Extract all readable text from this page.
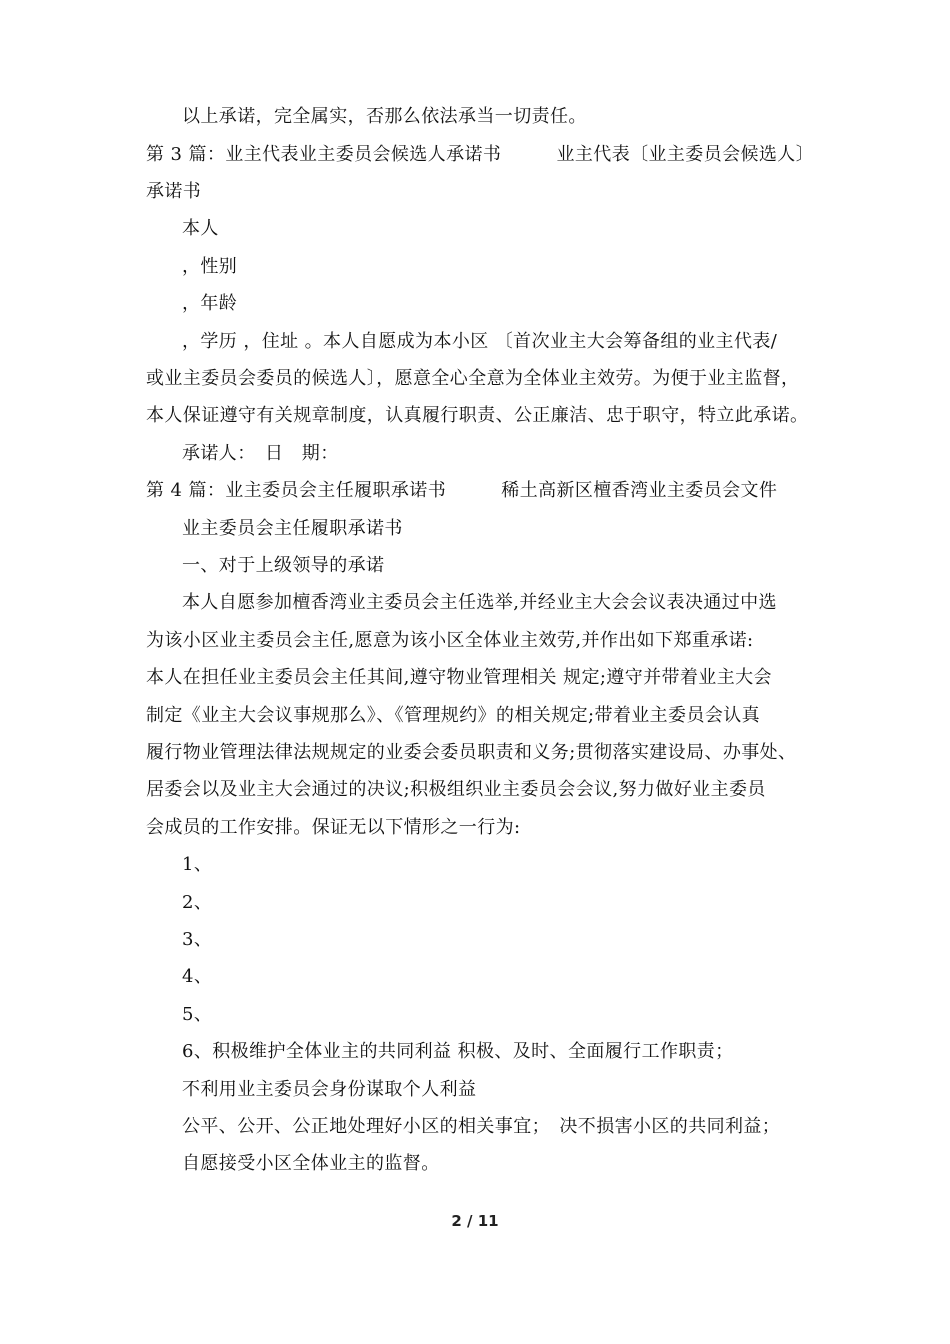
以上承诺，完全属实，否那么依法承当一切责任。
第 3 篇：业主代表业主委员会候选人承诺书　　　业主代表〔业主委员会候选人〕
承诺书
本人
，性别
，年龄
，学历 ，住址 。本人自愿成为本小区 〔首次业主大会筹备组的业主代表/
或业主委员会委员的候选人〕，愿意全心全意为全体业主效劳。为便于业主监督，
本人保证遵守有关规章制度，认真履行职责、公正廉洁、忠于职守，特立此承诺。
承诺人：　日　期：
第 4 篇：业主委员会主任履职承诺书　　　稀土高新区檀香湾业主委员会文件
业主委员会主任履职承诺书
一、对于上级领导的承诺
本人自愿参加檀香湾业主委员会主任选举,并经业主大会会议表决通过中选
为该小区业主委员会主任,愿意为该小区全体业主效劳,并作出如下郑重承诺:
本人在担任业主委员会主任其间,遵守物业管理相关 规定;遵守并带着业主大会
制定《业主大会议事规那么》、《管理规约》的相关规定;带着业主委员会认真
履行物业管理法律法规规定的业委会委员职责和义务;贯彻落实建设局、办事处、
居委会以及业主大会通过的决议;积极组织业主委员会会议,努力做好业主委员
会成员的工作安排。保证无以下情形之一行为:
1、
2、
3、
4、
5、
6、积极维护全体业主的共同利益 积极、及时、全面履行工作职责；
不利用业主委员会身份谋取个人利益
公平、公开、公正地处理好小区的相关事宜；　决不损害小区的共同利益；
自愿接受小区全体业主的监督。
2 / 11
